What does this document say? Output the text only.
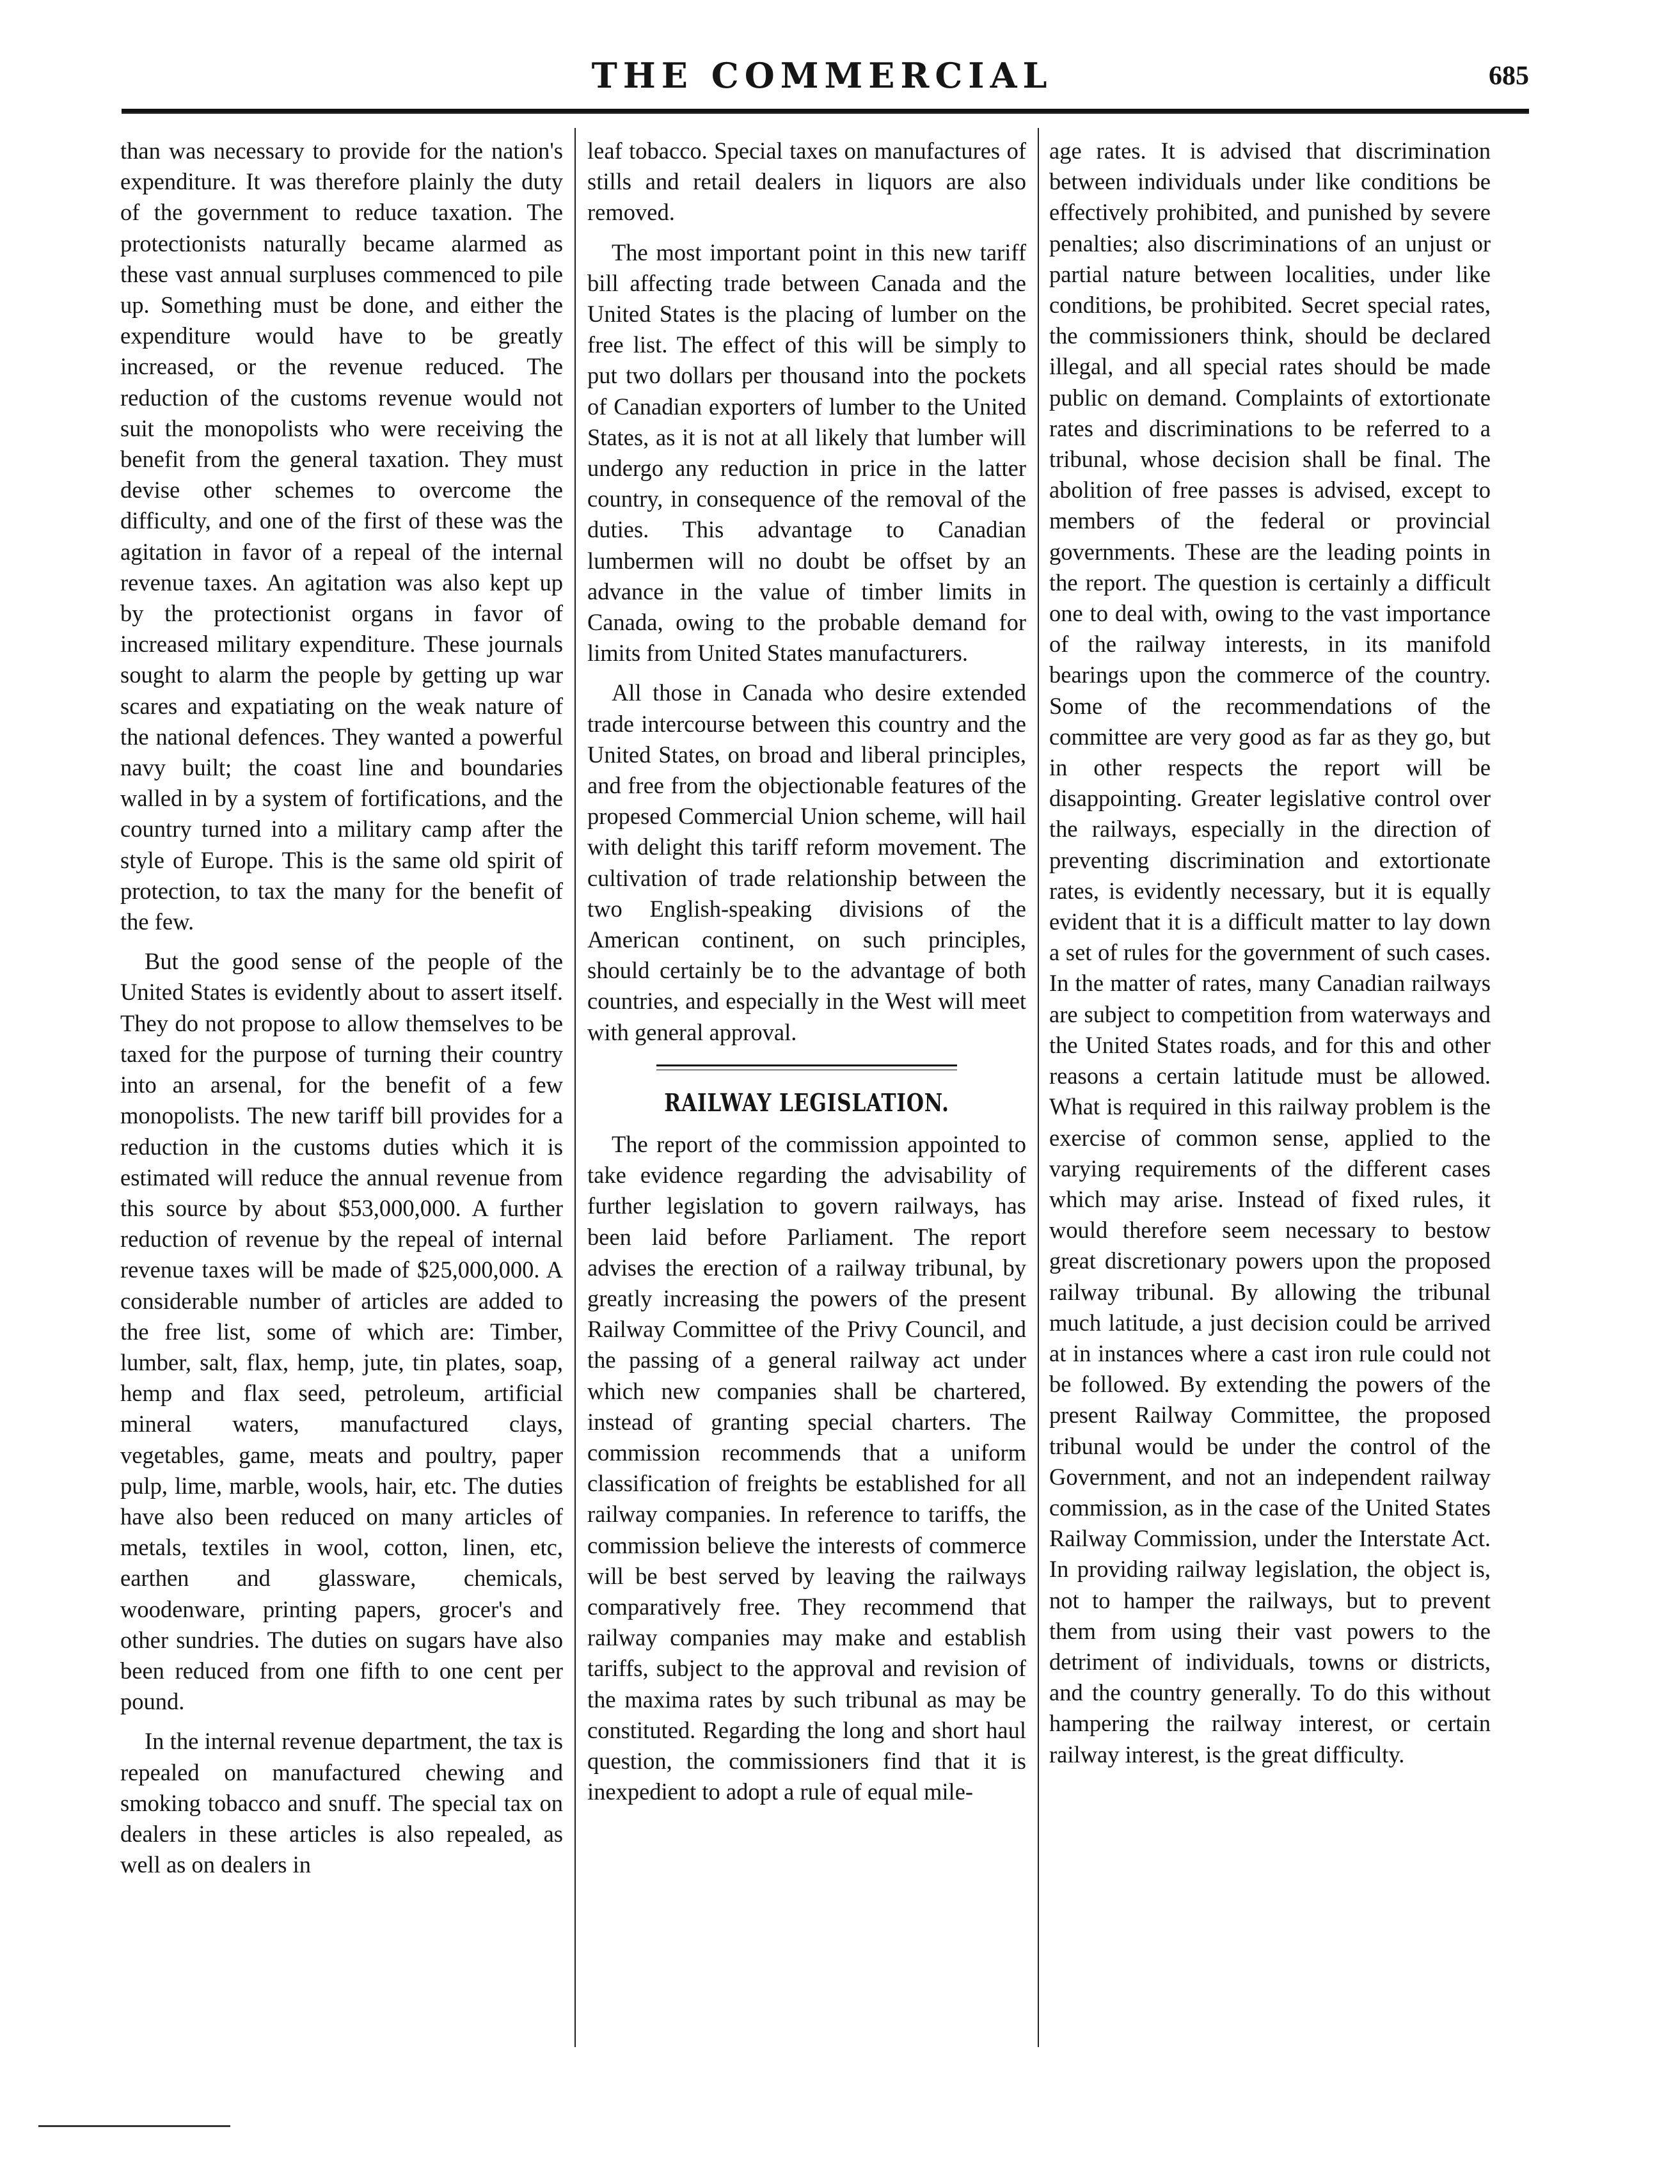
THE COMMERCIAL	685

than was necessary to provide for the nation's expenditure. It was therefore plainly the duty of the government to reduce taxation. The protectionists naturally became alarmed as these vast annual surpluses commenced to pile up. Something must be done, and either the expenditure would have to be greatly increased, or the revenue reduced. The reduction of the customs revenue would not suit the monopolists who were receiving the benefit from the general taxation. They must devise other schemes to overcome the difficulty, and one of the first of these was the agitation in favor of a repeal of the internal revenue taxes. An agitation was also kept up by the protectionist organs in favor of increased military expenditure. These journals sought to alarm the people by getting up war scares and expatiating on the weak nature of the national defences. They wanted a powerful navy built; the coast line and boundaries walled in by a system of fortifications, and the country turned into a military camp after the style of Europe. This is the same old spirit of protection, to tax the many for the benefit of the few.

But the good sense of the people of the United States is evidently about to assert itself. They do not propose to allow themselves to be taxed for the purpose of turning their country into an arsenal, for the benefit of a few monopolists. The new tariff bill provides for a reduction in the customs duties which it is estimated will reduce the annual revenue from this source by about $53,000,000. A further reduction of revenue by the repeal of internal revenue taxes will be made of $25,000,000. A considerable number of articles are added to the free list, some of which are: Timber, lumber, salt, flax, hemp, jute, tin plates, soap, hemp and flax seed, petroleum, artificial mineral waters, manufactured clays, vegetables, game, meats and poultry, paper pulp, lime, marble, wools, hair, etc. The duties have also been reduced on many articles of metals, textiles in wool, cotton, linen, etc, earthen and glassware, chemicals, woodenware, printing papers, grocer's and other sundries. The duties on sugars have also been reduced from one fifth to one cent per pound.

In the internal revenue department, the tax is repealed on manufactured chewing and smoking tobacco and snuff. The special tax on dealers in these articles is also repealed, as well as on dealers in

leaf tobacco. Special taxes on manufactures of stills and retail dealers in liquors are also removed.

The most important point in this new tariff bill affecting trade between Canada and the United States is the placing of lumber on the free list. The effect of this will be simply to put two dollars per thousand into the pockets of Canadian exporters of lumber to the United States, as it is not at all likely that lumber will undergo any reduction in price in the latter country, in consequence of the removal of the duties. This advantage to Canadian lumbermen will no doubt be offset by an advance in the value of timber limits in Canada, owing to the probable demand for limits from United States manufacturers.

All those in Canada who desire extended trade intercourse between this country and the United States, on broad and liberal principles, and free from the objectionable features of the propesed Commercial Union scheme, will hail with delight this tariff reform movement. The cultivation of trade relationship between the two English-speaking divisions of the American continent, on such principles, should certainly be to the advantage of both countries, and especially in the West will meet with general approval.

RAILWAY LEGISLATION.

The report of the commission appointed to take evidence regarding the advisability of further legislation to govern railways, has been laid before Parliament. The report advises the erection of a railway tribunal, by greatly increasing the powers of the present Railway Committee of the Privy Council, and the passing of a general railway act under which new companies shall be chartered, instead of granting special charters. The commission recommends that a uniform classification of freights be established for all railway companies. In reference to tariffs, the commission believe the interests of commerce will be best served by leaving the railways comparatively free. They recommend that railway companies may make and establish tariffs, subject to the approval and revision of the maxima rates by such tribunal as may be constituted. Regarding the long and short haul question, the commissioners find that it is inexpedient to adopt a rule of equal mile-

age rates. It is advised that discrimination between individuals under like conditions be effectively prohibited, and punished by severe penalties; also discriminations of an unjust or partial nature between localities, under like conditions, be prohibited. Secret special rates, the commissioners think, should be declared illegal, and all special rates should be made public on demand. Complaints of extortionate rates and discriminations to be referred to a tribunal, whose decision shall be final. The abolition of free passes is advised, except to members of the federal or provincial governments. These are the leading points in the report. The question is certainly a difficult one to deal with, owing to the vast importance of the railway interests, in its manifold bearings upon the commerce of the country. Some of the recommendations of the committee are very good as far as they go, but in other respects the report will be disappointing. Greater legislative control over the railways, especially in the direction of preventing discrimination and extortionate rates, is evidently necessary, but it is equally evident that it is a difficult matter to lay down a set of rules for the government of such cases. In the matter of rates, many Canadian railways are subject to competition from waterways and the United States roads, and for this and other reasons a certain latitude must be allowed. What is required in this railway problem is the exercise of common sense, applied to the varying requirements of the different cases which may arise. Instead of fixed rules, it would therefore seem necessary to bestow great discretionary powers upon the proposed railway tribunal. By allowing the tribunal much latitude, a just decision could be arrived at in instances where a cast iron rule could not be followed. By extending the powers of the present Railway Committee, the proposed tribunal would be under the control of the Government, and not an independent railway commission, as in the case of the United States Railway Commission, under the Interstate Act. In providing railway legislation, the object is, not to hamper the railways, but to prevent them from using their vast powers to the detriment of individuals, towns or districts, and the country generally. To do this without hampering the railway interest, or certain railway interest, is the great difficulty.
